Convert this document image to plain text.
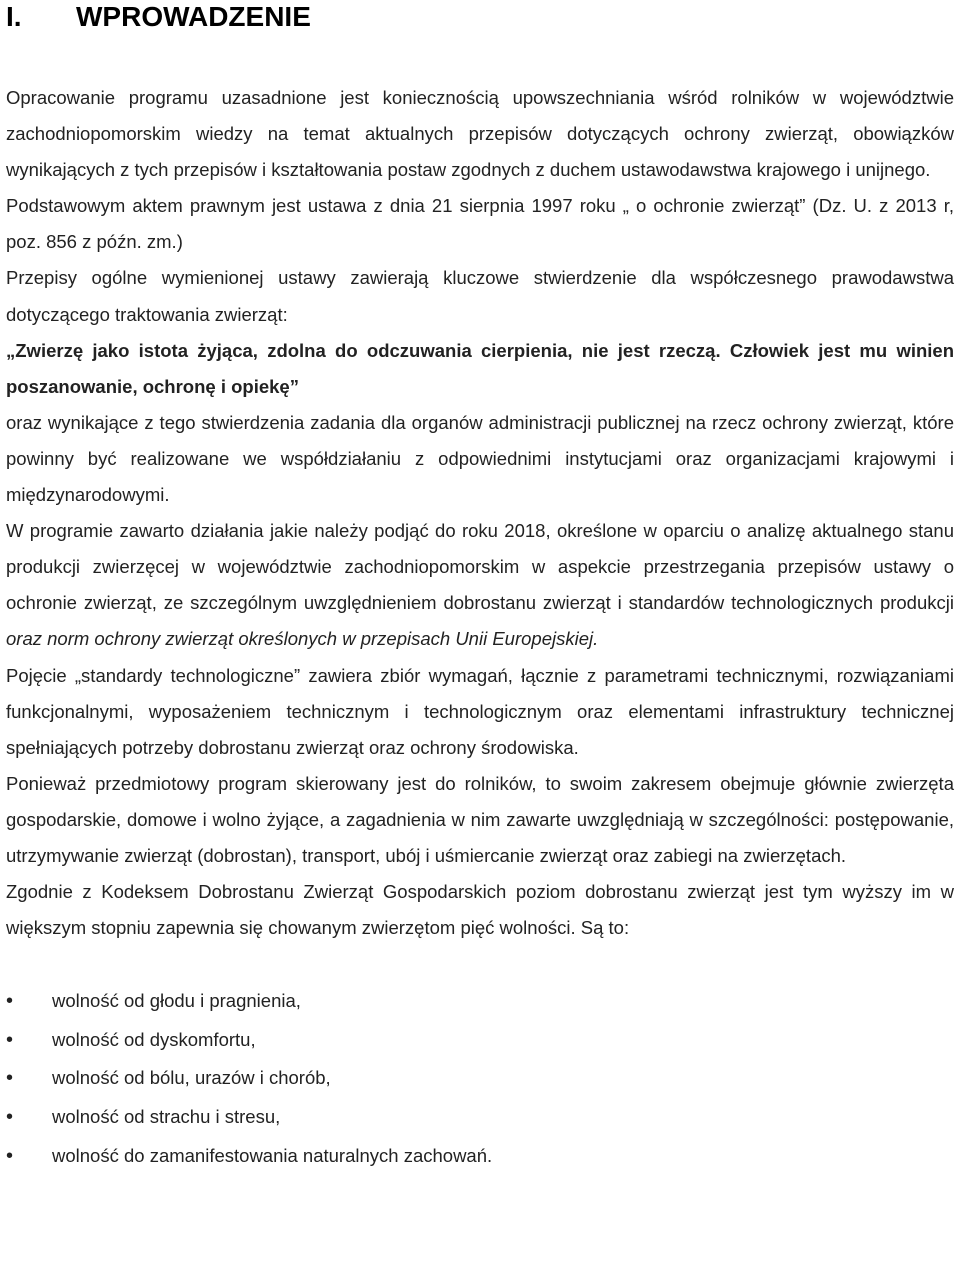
I.	WPROWADZENIE

Opracowanie programu uzasadnione jest koniecznością upowszechniania wśród rolników w województwie zachodniopomorskim wiedzy na temat aktualnych przepisów dotyczących ochrony zwierząt, obowiązków wynikających z tych przepisów i kształtowania postaw zgodnych z duchem ustawodawstwa krajowego i unijnego.

Podstawowym aktem prawnym jest ustawa z dnia 21 sierpnia 1997 roku „ o ochronie zwierząt” (Dz. U. z 2013 r, poz. 856 z późn. zm.)

Przepisy ogólne wymienionej ustawy zawierają kluczowe stwierdzenie dla współczesnego prawodawstwa dotyczącego traktowania zwierząt:

„Zwierzę jako istota żyjąca, zdolna do odczuwania cierpienia, nie jest rzeczą. Człowiek jest mu winien poszanowanie, ochronę i opiekę”

oraz wynikające z tego stwierdzenia zadania dla organów administracji publicznej na rzecz ochrony zwierząt, które powinny być realizowane we współdziałaniu z odpowiednimi instytucjami oraz organizacjami krajowymi i międzynarodowymi.

W programie zawarto działania jakie należy podjąć do roku 2018, określone w oparciu o analizę aktualnego stanu produkcji zwierzęcej w województwie zachodniopomorskim w aspekcie przestrzegania przepisów ustawy o ochronie zwierząt, ze szczególnym uwzględnieniem dobrostanu zwierząt i standardów technologicznych produkcji oraz norm ochrony zwierząt określonych w przepisach Unii Europejskiej.

Pojęcie „standardy technologiczne” zawiera zbiór wymagań, łącznie z parametrami technicznymi, rozwiązaniami funkcjonalnymi, wyposażeniem technicznym i technologicznym oraz elementami infrastruktury technicznej spełniających potrzeby dobrostanu zwierząt oraz ochrony środowiska.

Ponieważ przedmiotowy program skierowany jest do rolników, to swoim zakresem obejmuje głównie zwierzęta gospodarskie, domowe i wolno żyjące, a zagadnienia w nim zawarte uwzględniają w szczególności: postępowanie, utrzymywanie zwierząt (dobrostan), transport, ubój i uśmiercanie zwierząt oraz zabiegi na zwierzętach.

Zgodnie z Kodeksem Dobrostanu Zwierząt Gospodarskich poziom dobrostanu zwierząt jest tym wyższy im w większym stopniu zapewnia się chowanym zwierzętom pięć wolności. Są to:

•	wolność od głodu i pragnienia,
•	wolność od dyskomfortu,
•	wolność od bólu, urazów i chorób,
•	wolność od strachu i stresu,
•	wolność do zamanifestowania naturalnych zachowań.
